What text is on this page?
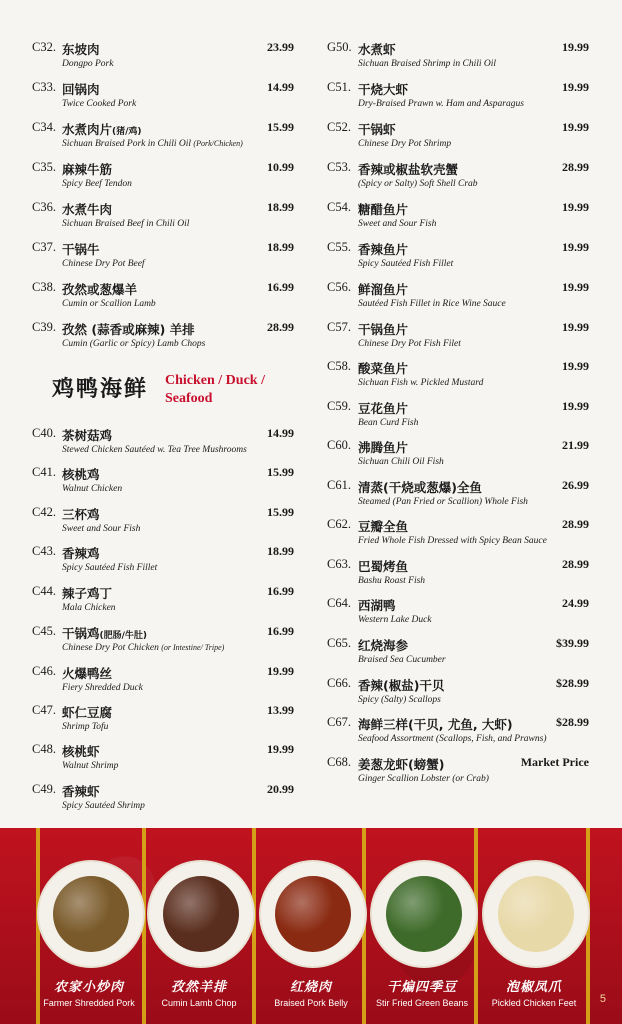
C32. 东坡肉	23.99
Dongpo Pork
C33. 回锅肉	14.99
Twice Cooked Pork
C34. 水煮肉片(猪/鸡)	15.99
Sichuan Braised Pork in Chili Oil (Pork/Chicken)
C35. 麻辣牛筋	10.99
Spicy Beef Tendon
C36. 水煮牛肉	18.99
Sichuan Braised Beef in Chili Oil
C37. 干锅牛	18.99
Chinese Dry Pot Beef
C38. 孜然或葱爆羊	16.99
Cumin or Scallion Lamb
C39. 孜然 (蒜香或麻辣) 羊排	28.99
Cumin (Garlic or Spicy) Lamb Chops
C40. 茶树菇鸡	14.99
Stewed Chicken Sautéed w. Tea Tree Mushrooms
C41. 核桃鸡	15.99
Walnut Chicken
C42. 三杯鸡	15.99
Sweet and Sour Fish
C43. 香辣鸡	18.99
Spicy Sautéed Fish Fillet
C44. 辣子鸡丁	16.99
Mala Chicken
C45. 干锅鸡(肥肠/牛肚)	16.99
Chinese Dry Pot Chicken (or Intestine/ Tripe)
C46. 火爆鸭丝	19.99
Fiery Shredded Duck
C47. 虾仁豆腐	13.99
Shrimp Tofu
C48. 核桃虾	19.99
Walnut Shrimp
C49. 香辣虾	20.99
Spicy Sautéed Shrimp
G50. 水煮虾	19.99
Sichuan Braised Shrimp in Chili Oil
C51. 干烧大虾	19.99
Dry-Braised Prawn w. Ham and Asparagus
C52. 干锅虾	19.99
Chinese Dry Pot Shrimp
C53. 香辣或椒盐软壳蟹	28.99
(Spicy or Salty) Soft Shell Crab
C54. 糖醋鱼片	19.99
Sweet and Sour Fish
C55. 香辣鱼片	19.99
Spicy Sautéed Fish Fillet
C56. 鲜溜鱼片	19.99
Sautéed Fish Fillet in Rice Wine Sauce
C57. 干锅鱼片	19.99
Chinese Dry Pot Fish Filet
C58. 酸菜鱼片	19.99
Sichuan Fish w. Pickled Mustard
C59. 豆花鱼片	19.99
Bean Curd Fish
C60. 沸腾鱼片	21.99
Sichuan Chili Oil Fish
C61. 清蒸(干烧或葱爆)全鱼	26.99
Steamed (Pan Fried or Scallion) Whole Fish
C62. 豆瓣全鱼	28.99
Fried Whole Fish Dressed with Spicy Bean Sauce
C63. 巴蜀烤鱼	28.99
Bashu Roast Fish
C64. 西湖鸭	24.99
Western Lake Duck
C65. 红烧海参	$39.99
Braised Sea Cucumber
C66. 香辣(椒盐)干贝	$28.99
Spicy (Salty) Scallops
C67. 海鲜三样(干贝, 尤鱼, 大虾)	$28.99
Seafood Assortment (Scallops, Fish, and Prawns)
C68. 姜葱龙虾(螃蟹)	Market Price
Ginger Scallion Lobster (or Crab)
鸡鸭海鲜 Chicken / Duck /
Seafood
5
农家小炒肉
Farmer Shredded Pork
孜然羊排
Cumin Lamb Chop
红烧肉
Braised Pork Belly
干煸四季豆
Stir Fried Green Beans
泡椒凤爪
Pickled Chicken Feet
